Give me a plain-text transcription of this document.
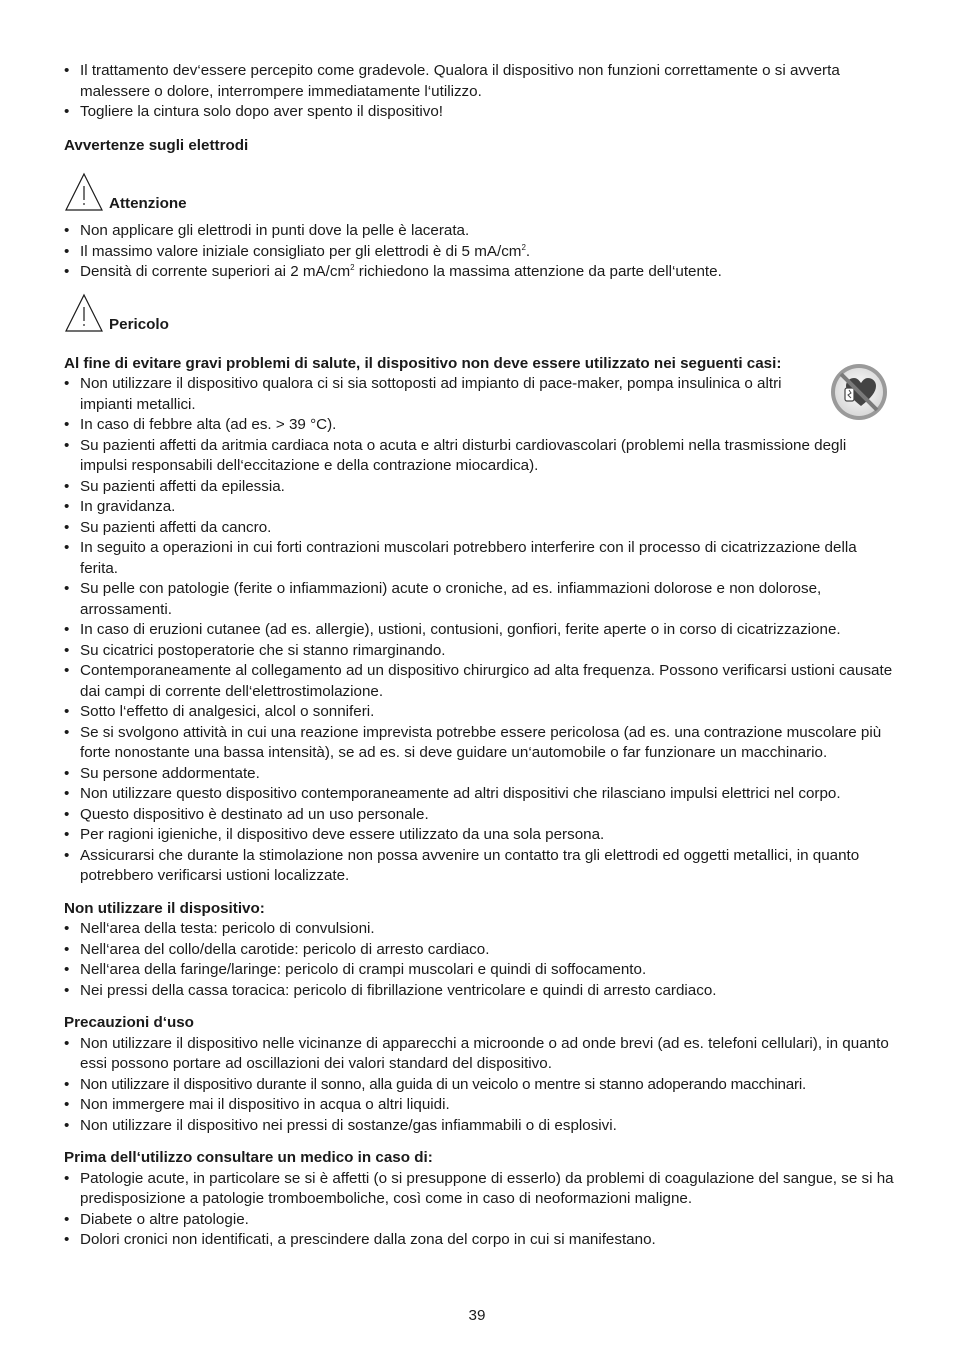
• Il trattamento dev‘essere percepito come gradevole. Qualora il dispositivo non funzioni correttamente o si avverta malessere o dolore, interrompere immediatamente l‘utilizzo.
• Togliere la cintura solo dopo aver spento il dispositivo!
Avvertenze sugli elettrodi
Attenzione
• Non applicare gli elettrodi in punti dove la pelle è lacerata.
• Il massimo valore iniziale consigliato per gli elettrodi è di 5 $mA/cm^2$.
• Densità di corrente superiori ai 2 $mA/cm^2$ richiedono la massima attenzione da parte dell‘utente.
Pericolo
Al fine di evitare gravi problemi di salute, il dispositivo non deve essere utilizzato nei seguenti casi:
• Non utilizzare il dispositivo qualora ci si sia sottoposti ad impianto di pace-maker, pompa insulinica o altri impianti metallici.
• In caso di febbre alta (ad es. > 39 °C).
• Su pazienti affetti da aritmia cardiaca nota o acuta e altri disturbi cardiovascolari (problemi nella trasmissione degli impulsi responsabili dell‘eccitazione e della contrazione miocardica).
• Su pazienti affetti da epilessia.
• In gravidanza.
• Su pazienti affetti da cancro.
• In seguito a operazioni in cui forti contrazioni muscolari potrebbero interferire con il processo di cicatrizzazione della ferita.
• Su pelle con patologie (ferite o infiammazioni) acute o croniche, ad es. infiammazioni dolorose e non dolorose, arrossamenti.
• In caso di eruzioni cutanee (ad es. allergie), ustioni, contusioni, gonfiori, ferite aperte o in corso di cicatrizzazione.
• Su cicatrici postoperatorie che si stanno rimarginando.
• Contemporaneamente al collegamento ad un dispositivo chirurgico ad alta frequenza. Possono verificarsi ustioni causate dai campi di corrente dell‘elettrostimolazione.
• Sotto l‘effetto di analgesici, alcol o sonniferi.
• Se si svolgono attività in cui una reazione imprevista potrebbe essere pericolosa (ad es. una contrazione muscolare più forte nonostante una bassa intensità), se ad es. si deve guidare un‘automobile o far funzionare un macchinario.
• Su persone addormentate.
• Non utilizzare questo dispositivo contemporaneamente ad altri dispositivi che rilasciano impulsi elettrici nel corpo.
• Questo dispositivo è destinato ad un uso personale.
• Per ragioni igieniche, il dispositivo deve essere utilizzato da una sola persona.
• Assicurarsi che durante la stimolazione non possa avvenire un contatto tra gli elettrodi ed oggetti metallici, in quanto potrebbero verificarsi ustioni localizzate.
Non utilizzare il dispositivo:
• Nell‘area della testa: pericolo di convulsioni.
• Nell‘area del collo/della carotide: pericolo di arresto cardiaco.
• Nell‘area della faringe/laringe: pericolo di crampi muscolari e quindi di soffocamento.
• Nei pressi della cassa toracica: pericolo di fibrillazione ventricolare e quindi di arresto cardiaco.
Precauzioni d‘uso
• Non utilizzare il dispositivo nelle vicinanze di apparecchi a microonde o ad onde brevi (ad es. telefoni cellulari), in quanto essi possono portare ad oscillazioni dei valori standard del dispositivo.
• Non utilizzare il dispositivo durante il sonno, alla guida di un veicolo o mentre si stanno adoperando macchinari.
• Non immergere mai il dispositivo in acqua o altri liquidi.
• Non utilizzare il dispositivo nei pressi di sostanze/gas infiammabili o di esplosivi.
Prima dell‘utilizzo consultare un medico in caso di:
• Patologie acute, in particolare se si è affetti (o si presuppone di esserlo) da problemi di coagulazione del sangue, se si ha predisposizione a patologie tromboemboliche, così come in caso di neoformazioni maligne.
• Diabete o altre patologie.
• Dolori cronici non identificati, a prescindere dalla zona del corpo in cui si manifestano.
39
